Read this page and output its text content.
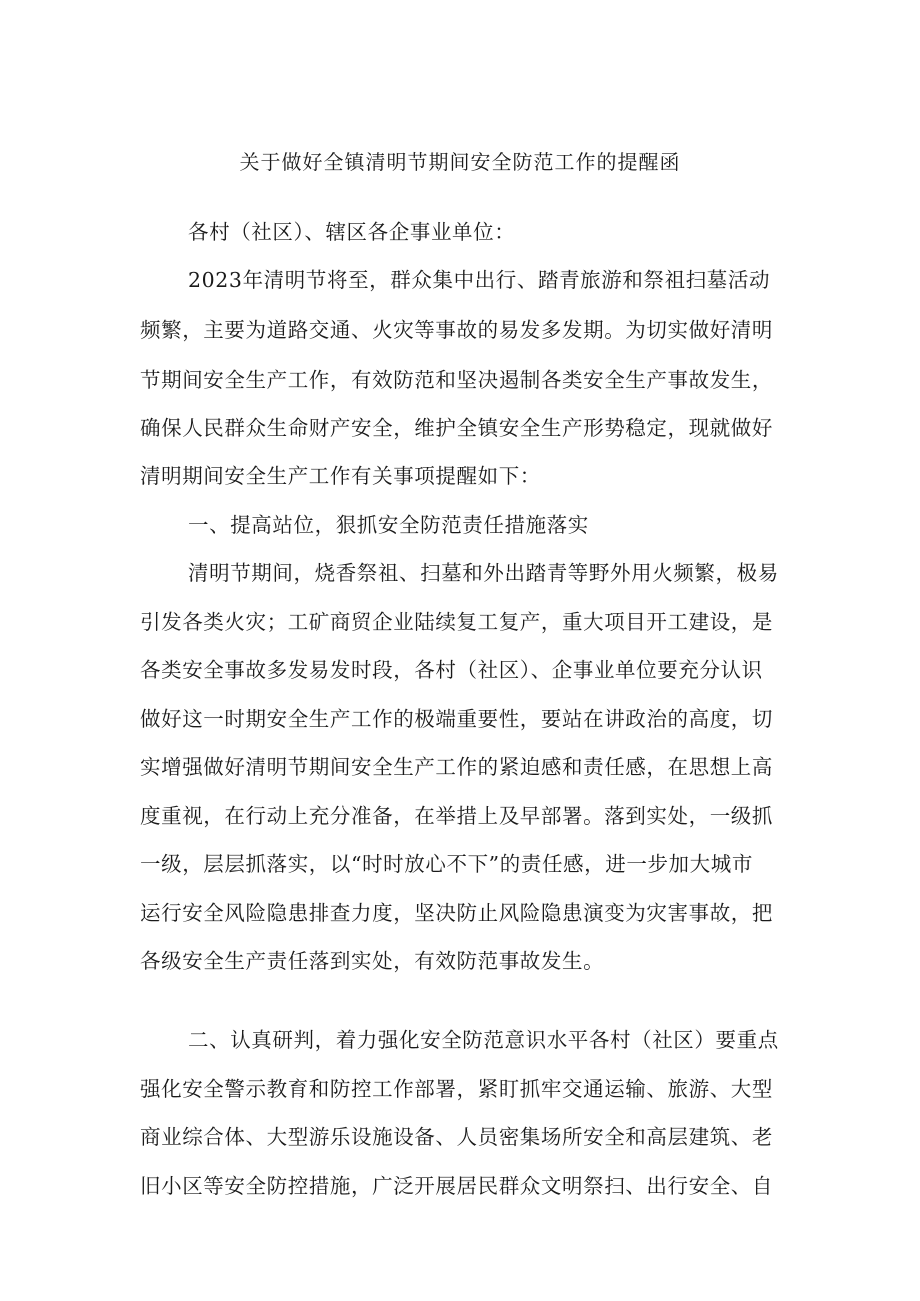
关于做好全镇清明节期间安全防范工作的提醒函
各村（社区）、辖区各企事业单位：
2023年清明节将至，群众集中出行、踏青旅游和祭祖扫墓活动
频繁，主要为道路交通、火灾等事故的易发多发期。为切实做好清明
节期间安全生产工作，有效防范和坚决遏制各类安全生产事故发生，
确保人民群众生命财产安全，维护全镇安全生产形势稳定，现就做好
清明期间安全生产工作有关事项提醒如下：
一、提高站位，狠抓安全防范责任措施落实
清明节期间，烧香祭祖、扫墓和外出踏青等野外用火频繁，极易
引发各类火灾；工矿商贸企业陆续复工复产，重大项目开工建设，是
各类安全事故多发易发时段，各村（社区）、企事业单位要充分认识
做好这一时期安全生产工作的极端重要性，要站在讲政治的高度，切
实增强做好清明节期间安全生产工作的紧迫感和责任感，在思想上高
度重视，在行动上充分准备，在举措上及早部署。落到实处，一级抓
一级，层层抓落实，以“时时放心不下”的责任感，进一步加大城市
运行安全风险隐患排查力度，坚决防止风险隐患演变为灾害事故，把
各级安全生产责任落到实处，有效防范事故发生。
二、认真研判，着力强化安全防范意识水平各村（社区）要重点
强化安全警示教育和防控工作部署，紧盯抓牢交通运输、旅游、大型
商业综合体、大型游乐设施设备、人员密集场所安全和高层建筑、老
旧小区等安全防控措施，广泛开展居民群众文明祭扫、出行安全、自
